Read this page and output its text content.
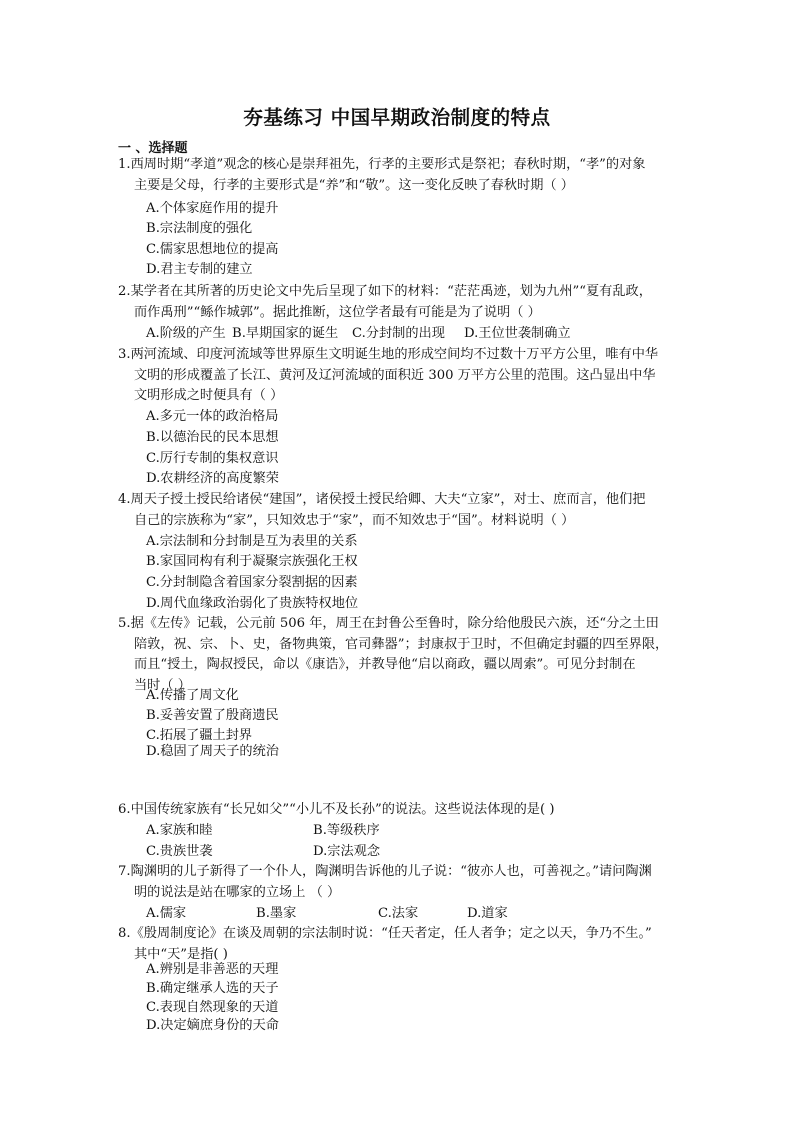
夯基练习 中国早期政治制度的特点
一 、选择题
1.西周时期“孝道”观念的核心是崇拜祖先，行孝的主要形式是祭祀；春秋时期，“孝”的对象
主要是父母，行孝的主要形式是“养”和“敬”。这一变化反映了春秋时期（ ）
A.个体家庭作用的提升
B.宗法制度的强化
C.儒家思想地位的提高
D.君主专制的建立
2.某学者在其所著的历史论文中先后呈现了如下的材料：“茫茫禹迹，划为九州”“夏有乱政，
而作禹刑”“鲧作城郭”。据此推断，这位学者最有可能是为了说明（ ）
A.阶级的产生 B.早期国家的诞生 C.分封制的出现 D.王位世袭制确立
3.两河流域、印度河流域等世界原生文明诞生地的形成空间均不过数十万平方公里，唯有中华
文明的形成覆盖了长江、黄河及辽河流域的面积近 300 万平方公里的范围。这凸显出中华
文明形成之时便具有（ ）
A.多元一体的政治格局
B.以德治民的民本思想
C.厉行专制的集权意识
D.农耕经济的高度繁荣
4.周天子授土授民给诸侯“建国”，诸侯授土授民给卿、大夫“立家”，对士、庶而言，他们把
自己的宗族称为“家”，只知效忠于“家”，而不知效忠于“国”。材料说明（ ）
A.宗法制和分封制是互为表里的关系
B.家国同构有利于凝聚宗族强化王权
C.分封制隐含着国家分裂割据的因素
D.周代血缘政治弱化了贵族特权地位
5.据《左传》记载，公元前 506 年，周王在封鲁公至鲁时，除分给他殷民六族，还“分之土田
陪敦，祝、宗、卜、史，备物典策，官司彝器”；封康叔于卫时，不但确定封疆的四至界限，
而且“授土，陶叔授民，命以《康诰》，并教导他“启以商政，疆以周索”。可见分封制在
当时（ ）
A.传播了周文化
B.妥善安置了殷商遗民
C.拓展了疆土封界
D.稳固了周天子的统治
6.中国传统家族有“长兄如父”“小儿不及长孙”的说法。这些说法体现的是( )
A.家族和睦	B.等级秩序
C.贵族世袭	D.宗法观念
7.陶渊明的儿子新得了一个仆人，陶渊明告诉他的儿子说：“彼亦人也，可善视之。”请问陶渊
明的说法是站在哪家的立场上 （ ）
A.儒家	B.墨家	C.法家	D.道家
8.《殷周制度论》在谈及周朝的宗法制时说：“任天者定，任人者争；定之以天，争乃不生。”
其中“天”是指( )
A.辨别是非善恶的天理
B.确定继承人选的天子
C.表现自然现象的天道
D.决定嫡庶身份的天命
